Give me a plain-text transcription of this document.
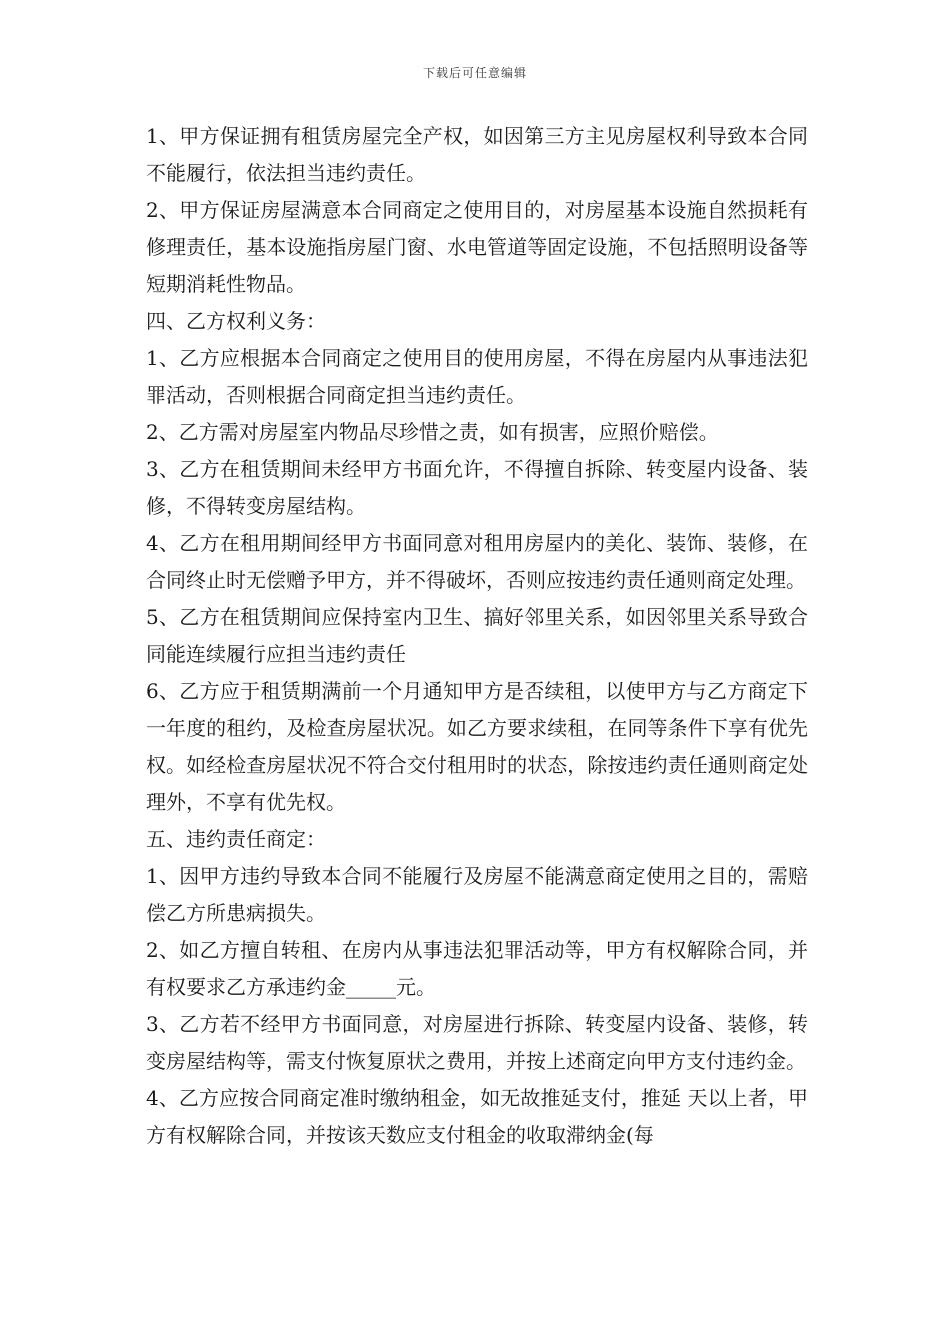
下载后可任意编辑

1、甲方保证拥有租赁房屋完全产权，如因第三方主见房屋权利导致本合同不能履行，依法担当违约责任。

2、甲方保证房屋满意本合同商定之使用目的，对房屋基本设施自然损耗有修理责任，基本设施指房屋门窗、水电管道等固定设施，不包括照明设备等短期消耗性物品。

四、乙方权利义务：

1、乙方应根据本合同商定之使用目的使用房屋，不得在房屋内从事违法犯罪活动，否则根据合同商定担当违约责任。

2、乙方需对房屋室内物品尽珍惜之责，如有损害，应照价赔偿。

3、乙方在租赁期间未经甲方书面允许，不得擅自拆除、转变屋内设备、装修，不得转变房屋结构。

4、乙方在租用期间经甲方书面同意对租用房屋内的美化、装饰、装修，在合同终止时无偿赠予甲方，并不得破坏，否则应按违约责任通则商定处理。

5、乙方在租赁期间应保持室内卫生、搞好邻里关系，如因邻里关系导致合同能连续履行应担当违约责任

6、乙方应于租赁期满前一个月通知甲方是否续租，以使甲方与乙方商定下一年度的租约，及检查房屋状况。如乙方要求续租，在同等条件下享有优先权。如经检查房屋状况不符合交付租用时的状态，除按违约责任通则商定处理外，不享有优先权。

五、违约责任商定：

1、因甲方违约导致本合同不能履行及房屋不能满意商定使用之目的，需赔偿乙方所患病损失。

2、如乙方擅自转租、在房内从事违法犯罪活动等，甲方有权解除合同，并有权要求乙方承违约金_____元。

3、乙方若不经甲方书面同意，对房屋进行拆除、转变屋内设备、装修，转变房屋结构等，需支付恢复原状之费用，并按上述商定向甲方支付违约金。

4、乙方应按合同商定准时缴纳租金，如无故推延支付，推延 天以上者，甲方有权解除合同，并按该天数应支付租金的收取滞纳金(每
